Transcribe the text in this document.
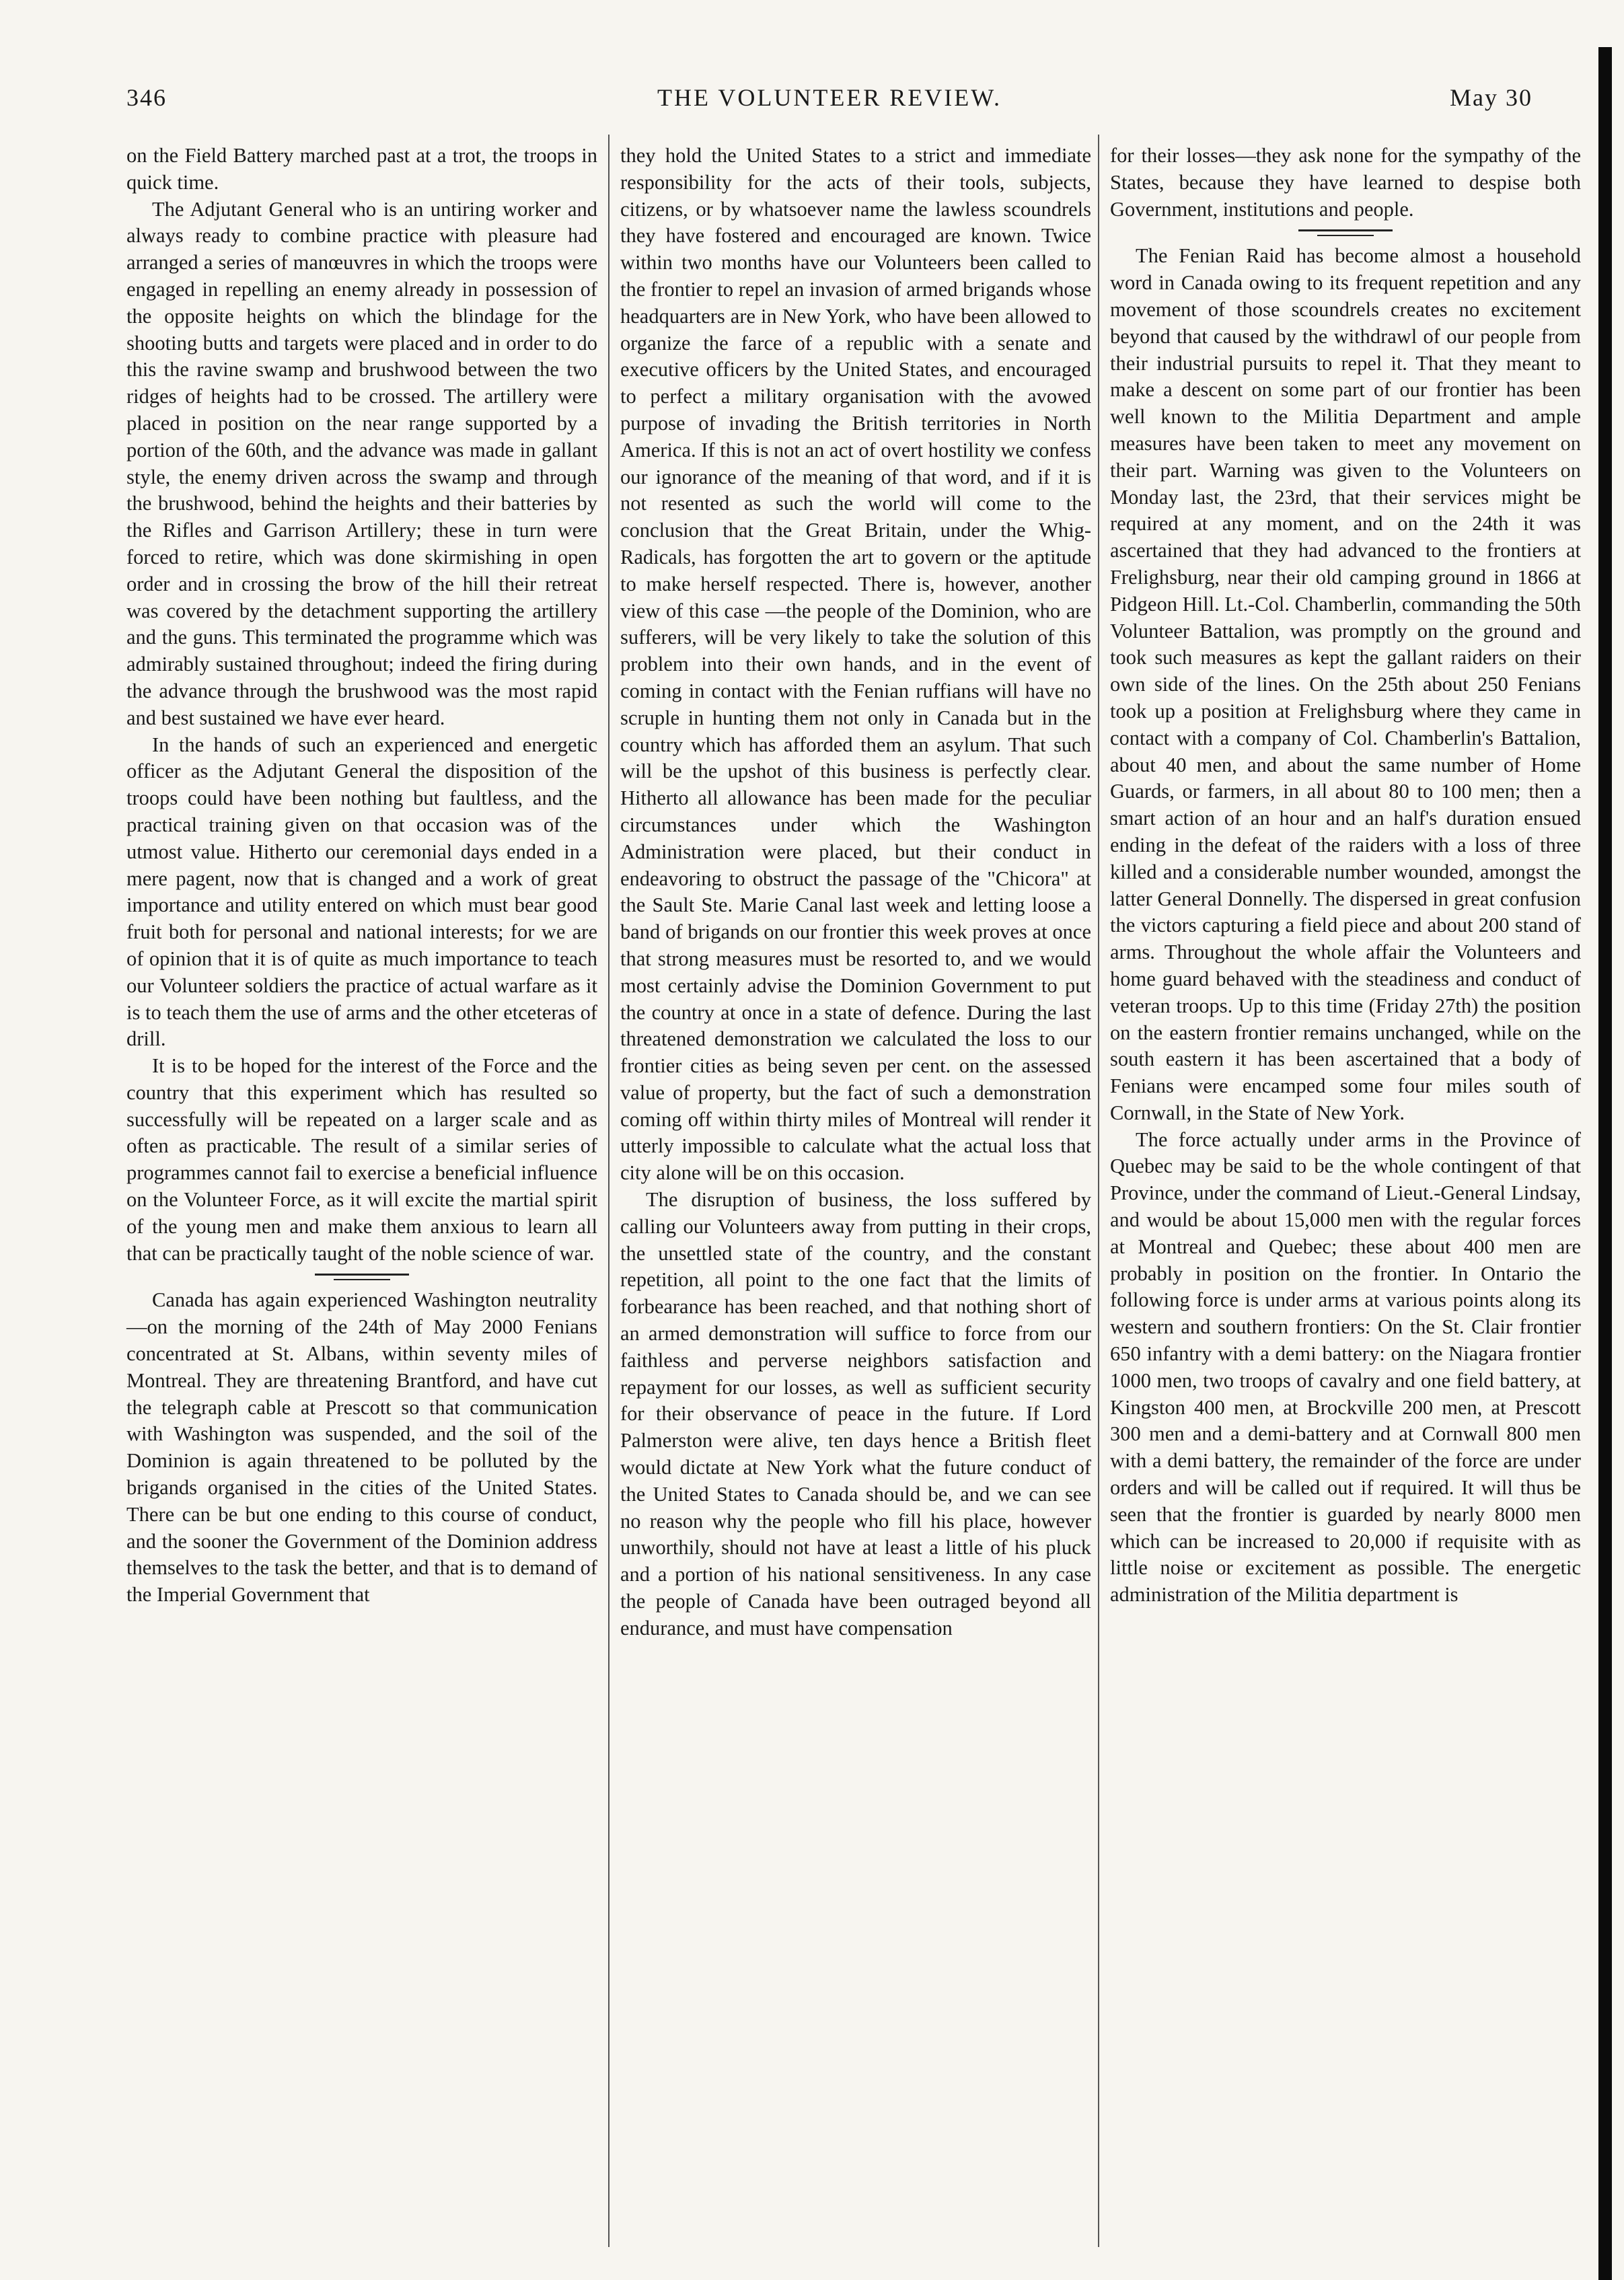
346	THE VOLUNTEER REVIEW.	May 30

on the Field Battery marched past at a trot, the troops in quick time.

The Adjutant General who is an untiring worker and always ready to combine practice with pleasure had arranged a series of manœuvres in which the troops were engaged in repelling an enemy already in possession of the opposite heights on which the blindage for the shooting butts and targets were placed and in order to do this the ravine swamp and brushwood between the two ridges of heights had to be crossed. The artillery were placed in position on the near range supported by a portion of the 60th, and the advance was made in gallant style, the enemy driven across the swamp and through the brushwood, behind the heights and their batteries by the Rifles and Garrison Artillery; these in turn were forced to retire, which was done skirmishing in open order and in crossing the brow of the hill their retreat was covered by the detachment supporting the artillery and the guns. This terminated the programme which was admirably sustained throughout; indeed the firing during the advance through the brushwood was the most rapid and best sustained we have ever heard.

In the hands of such an experienced and energetic officer as the Adjutant General the disposition of the troops could have been nothing but faultless, and the practical training given on that occasion was of the utmost value. Hitherto our ceremonial days ended in a mere pagent, now that is changed and a work of great importance and utility entered on which must bear good fruit both for personal and national interests; for we are of opinion that it is of quite as much importance to teach our Volunteer soldiers the practice of actual warfare as it is to teach them the use of arms and the other etceteras of drill.

It is to be hoped for the interest of the Force and the country that this experiment which has resulted so successfully will be repeated on a larger scale and as often as practicable. The result of a similar series of programmes cannot fail to exercise a beneficial influence on the Volunteer Force, as it will excite the martial spirit of the young men and make them anxious to learn all that can be practically taught of the noble science of war.

Canada has again experienced Washington neutrality—on the morning of the 24th of May 2000 Fenians concentrated at St. Albans, within seventy miles of Montreal. They are threatening Brantford, and have cut the telegraph cable at Prescott so that communication with Washington was suspended, and the soil of the Dominion is again threatened to be polluted by the brigands organised in the cities of the United States. There can be but one ending to this course of conduct, and the sooner the Government of the Dominion address themselves to the task the better, and that is to demand of the Imperial Government that

they hold the United States to a strict and immediate responsibility for the acts of their tools, subjects, citizens, or by whatsoever name the lawless scoundrels they have fostered and encouraged are known. Twice within two months have our Volunteers been called to the frontier to repel an invasion of armed brigands whose headquarters are in New York, who have been allowed to organize the farce of a republic with a senate and executive officers by the United States, and encouraged to perfect a military organisation with the avowed purpose of invading the British territories in North America. If this is not an act of overt hostility we confess our ignorance of the meaning of that word, and if it is not resented as such the world will come to the conclusion that the Great Britain, under the Whig-Radicals, has forgotten the art to govern or the aptitude to make herself respected. There is, however, another view of this case —the people of the Dominion, who are sufferers, will be very likely to take the solution of this problem into their own hands, and in the event of coming in contact with the Fenian ruffians will have no scruple in hunting them not only in Canada but in the country which has afforded them an asylum. That such will be the upshot of this business is perfectly clear. Hitherto all allowance has been made for the peculiar circumstances under which the Washington Administration were placed, but their conduct in endeavoring to obstruct the passage of the "Chicora" at the Sault Ste. Marie Canal last week and letting loose a band of brigands on our frontier this week proves at once that strong measures must be resorted to, and we would most certainly advise the Dominion Government to put the country at once in a state of defence. During the last threatened demonstration we calculated the loss to our frontier cities as being seven per cent. on the assessed value of property, but the fact of such a demonstration coming off within thirty miles of Montreal will render it utterly impossible to calculate what the actual loss that city alone will be on this occasion.

The disruption of business, the loss suffered by calling our Volunteers away from putting in their crops, the unsettled state of the country, and the constant repetition, all point to the one fact that the limits of forbearance has been reached, and that nothing short of an armed demonstration will suffice to force from our faithless and perverse neighbors satisfaction and repayment for our losses, as well as sufficient security for their observance of peace in the future. If Lord Palmerston were alive, ten days hence a British fleet would dictate at New York what the future conduct of the United States to Canada should be, and we can see no reason why the people who fill his place, however unworthily, should not have at least a little of his pluck and a portion of his national sensitiveness. In any case the people of Canada have been outraged beyond all endurance, and must have compensation

for their losses—they ask none for the sympathy of the States, because they have learned to despise both Government, institutions and people.

The Fenian Raid has become almost a household word in Canada owing to its frequent repetition and any movement of those scoundrels creates no excitement beyond that caused by the withdrawl of our people from their industrial pursuits to repel it. That they meant to make a descent on some part of our frontier has been well known to the Militia Department and ample measures have been taken to meet any movement on their part. Warning was given to the Volunteers on Monday last, the 23rd, that their services might be required at any moment, and on the 24th it was ascertained that they had advanced to the frontiers at Frelighsburg, near their old camping ground in 1866 at Pidgeon Hill. Lt.-Col. Chamberlin, commanding the 50th Volunteer Battalion, was promptly on the ground and took such measures as kept the gallant raiders on their own side of the lines. On the 25th about 250 Fenians took up a position at Frelighsburg where they came in contact with a company of Col. Chamberlin's Battalion, about 40 men, and about the same number of Home Guards, or farmers, in all about 80 to 100 men; then a smart action of an hour and an half's duration ensued ending in the defeat of the raiders with a loss of three killed and a considerable number wounded, amongst the latter General Donnelly. The dispersed in great confusion the victors capturing a field piece and about 200 stand of arms. Throughout the whole affair the Volunteers and home guard behaved with the steadiness and conduct of veteran troops. Up to this time (Friday 27th) the position on the eastern frontier remains unchanged, while on the south eastern it has been ascertained that a body of Fenians were encamped some four miles south of Cornwall, in the State of New York.

The force actually under arms in the Province of Quebec may be said to be the whole contingent of that Province, under the command of Lieut.-General Lindsay, and would be about 15,000 men with the regular forces at Montreal and Quebec; these about 400 men are probably in position on the frontier. In Ontario the following force is under arms at various points along its western and southern frontiers: On the St. Clair frontier 650 infantry with a demi battery: on the Niagara frontier 1000 men, two troops of cavalry and one field battery, at Kingston 400 men, at Brockville 200 men, at Prescott 300 men and a demi-battery and at Cornwall 800 men with a demi battery, the remainder of the force are under orders and will be called out if required. It will thus be seen that the frontier is guarded by nearly 8000 men which can be increased to 20,000 if requisite with as little noise or excitement as possible. The energetic administration of the Militia department is
